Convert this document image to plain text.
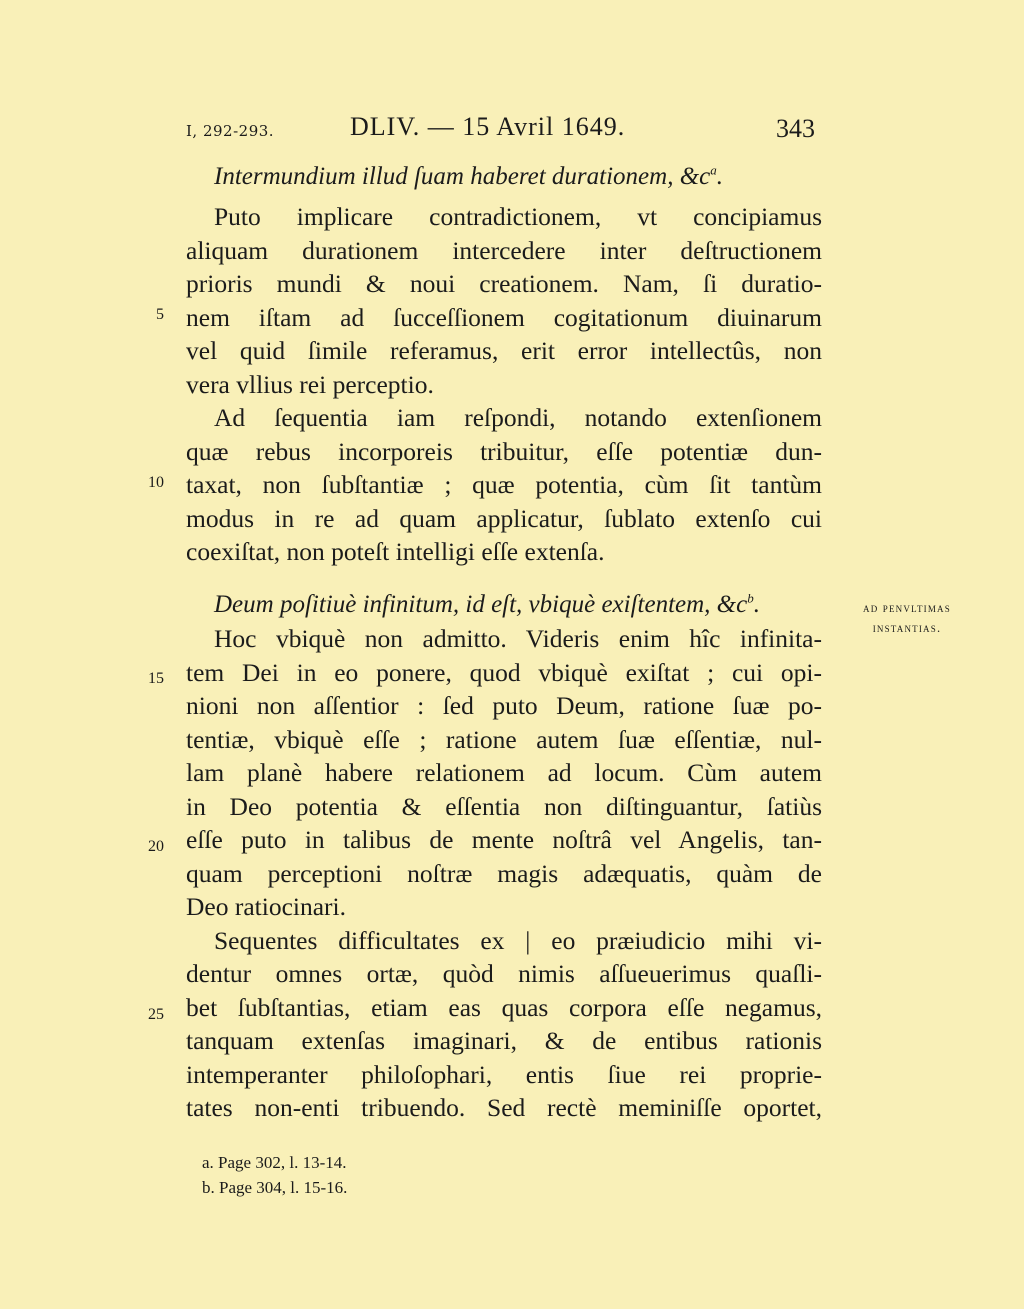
I, 292-293.	DLIV. — 15 Avril 1649.	343
Intermundium illud ſuam haberet durationem, $\&c^a$.
Puto implicare contradictionem, vt concipiamus
aliquam durationem intercedere inter deſtructionem
prioris mundi & noui creationem. Nam, ſi duratio-
nem iſtam ad ſucceſſionem cogitationum diuinarum
vel quid ſimile referamus, erit error intellectûs, non
vera vllius rei perceptio.
Ad ſequentia iam reſpondi, notando extenſionem
quæ rebus incorporeis tribuitur, eſſe potentiæ dun-
taxat, non ſubſtantiæ ; quæ potentia, cùm ſit tantùm
modus in re ad quam applicatur, ſublato extenſo cui
coexiſtat, non poteſt intelligi eſſe extenſa.
Deum poſitiuè infinitum, id eſt, vbiquè exiſtentem, $\&c^b$.
Hoc vbiquè non admitto. Videris enim hîc infinita-
tem Dei in eo ponere, quod vbiquè exiſtat ; cui opi-
nioni non aſſentior : ſed puto Deum, ratione ſuæ po-
tentiæ, vbiquè eſſe ; ratione autem ſuæ eſſentiæ, nul-
lam planè habere relationem ad locum. Cùm autem
in Deo potentia & eſſentia non diſtinguantur, ſatiùs
eſſe puto in talibus de mente noſtrâ vel Angelis, tan-
quam perceptioni noſtræ magis adæquatis, quàm de
Deo ratiocinari.
Sequentes difficultates ex | eo præiudicio mihi vi-
dentur omnes ortæ, quòd nimis aſſueuerimus quaſli-
bet ſubſtantias, etiam eas quas corpora eſſe negamus,
tanquam extenſas imaginari, & de entibus rationis
intemperanter philoſophari, entis ſiue rei proprie-
tates non-enti tribuendo. Sed rectè meminiſſe oportet,
5
10
15
20
25
ad penvltimas
instantias.
a. Page 302, l. 13-14.
b. Page 304, l. 15-16.
